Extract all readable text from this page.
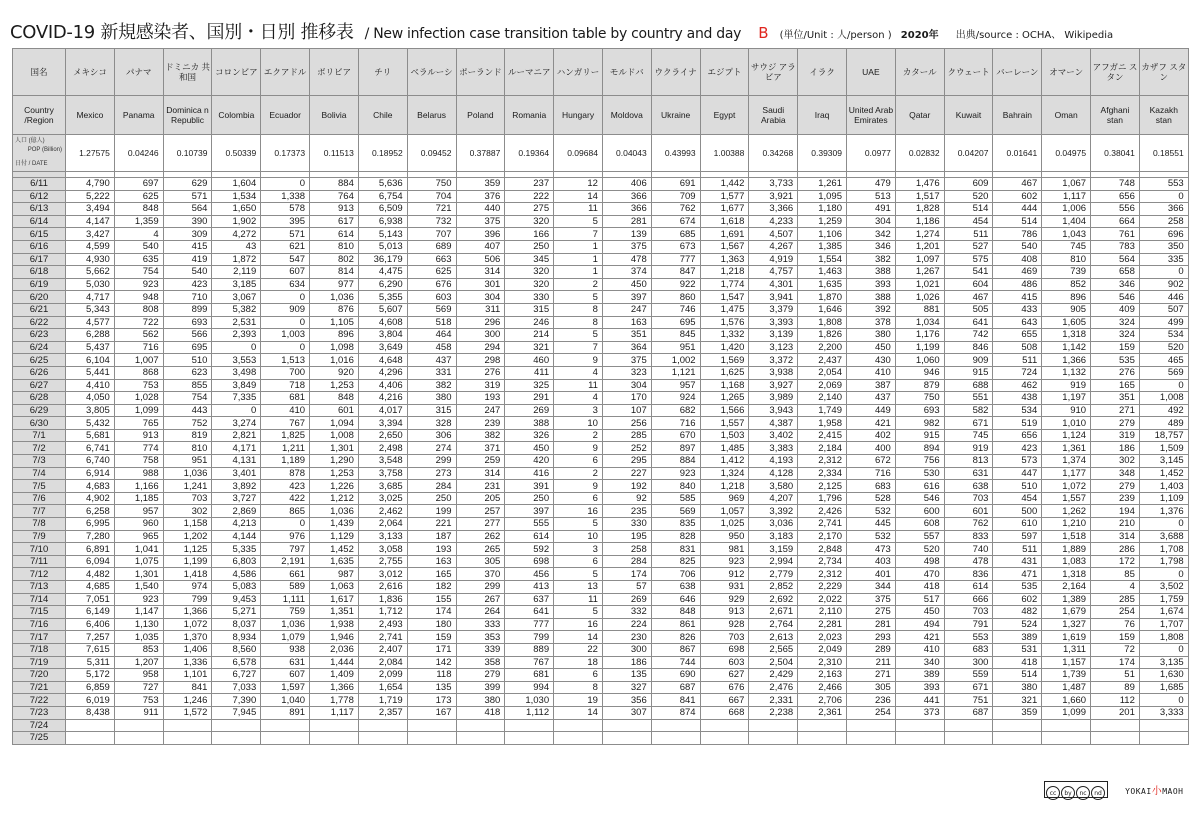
COVID-19 新規感染者、国別・日別 推移表 / New infection case transition table by country and day B (単位/Unit : 人/person ) 2020年 出典/source : OCHA、 Wikipedia
国名	メキシコ	パナマ	ドミニカ 共和国	コロンビア	エクアドル	ボリビア	チリ	ベラルーシ	ポーランド	ルーマニア	ハンガリー	モルドバ	ウクライナ	エジプト	サウジ アラビア	イラク	UAE	カタール	クウェート	バーレーン	オマーン	アフガニ スタン	カザフ スタン
Country /Region	Mexico	Panama	Dominica n Republic	Colombia	Ecuador	Bolivia	Chile	Belarus	Poland	Romania	Hungary	Moldova	Ukraine	Egypt	Saudi Arabia	Iraq	United Arab Emirates	Qatar	Kuwait	Bahrain	Oman	Afghani stan	Kazakh stan

人口 (億人)
POP (Billion)
日付 / DATE	1.27575	0.04246	0.10739	0.50339	0.17373	0.11513	0.18952	0.09452	0.37887	0.19364	0.09684	0.04043	0.43993	1.00388	0.34268	0.39309	0.0977	0.02832	0.04207	0.01641	0.04975	0.38041	0.18551

6/11	4,790	697	629	1,604	0	884	5,636	750	359	237	12	406	691	1,442	3,733	1,261	479	1,476	609	467	1,067	748	553
6/12	5,222	625	571	1,534	1,338	764	6,754	704	376	222	14	366	709	1,577	3,921	1,095	513	1,517	520	602	1,117	656	0
6/13	3,494	848	564	1,650	578	913	6,509	721	440	275	11	366	762	1,677	3,366	1,180	491	1,828	514	444	1,006	556	366
6/14	4,147	1,359	390	1,902	395	617	6,938	732	375	320	5	281	674	1,618	4,233	1,259	304	1,186	454	514	1,404	664	258
6/15	3,427	4	309	4,272	571	614	5,143	707	396	166	7	139	685	1,691	4,507	1,106	342	1,274	511	786	1,043	761	696
6/16	4,599	540	415	43	621	810	5,013	689	407	250	1	375	673	1,567	4,267	1,385	346	1,201	527	540	745	783	350
6/17	4,930	635	419	1,872	547	802	36,179	663	506	345	1	478	777	1,363	4,919	1,554	382	1,097	575	408	810	564	335
6/18	5,662	754	540	2,119	607	814	4,475	625	314	320	1	374	847	1,218	4,757	1,463	388	1,267	541	469	739	658	0
6/19	5,030	923	423	3,185	634	977	6,290	676	301	320	2	450	922	1,774	4,301	1,635	393	1,021	604	486	852	346	902
6/20	4,717	948	710	3,067	0	1,036	5,355	603	304	330	5	397	860	1,547	3,941	1,870	388	1,026	467	415	896	546	446
6/21	5,343	808	899	5,382	909	876	5,607	569	311	315	8	247	746	1,475	3,379	1,646	392	881	505	433	905	409	507
6/22	4,577	722	693	2,531	0	1,105	4,608	518	296	246	8	163	695	1,576	3,393	1,808	378	1,034	641	643	1,605	324	499
6/23	6,288	562	566	2,393	1,003	896	3,804	464	300	214	5	351	845	1,332	3,139	1,826	380	1,176	742	655	1,318	324	534
6/24	5,437	716	695	0	0	1,098	3,649	458	294	321	7	364	951	1,420	3,123	2,200	450	1,199	846	508	1,142	159	520
6/25	6,104	1,007	510	3,553	1,513	1,016	4,648	437	298	460	9	375	1,002	1,569	3,372	2,437	430	1,060	909	511	1,366	535	465
6/26	5,441	868	623	3,498	700	920	4,296	331	276	411	4	323	1,121	1,625	3,938	2,054	410	946	915	724	1,132	276	569
6/27	4,410	753	855	3,849	718	1,253	4,406	382	319	325	11	304	957	1,168	3,927	2,069	387	879	688	462	919	165	0
6/28	4,050	1,028	754	7,335	681	848	4,216	380	193	291	4	170	924	1,265	3,989	2,140	437	750	551	438	1,197	351	1,008
6/29	3,805	1,099	443	0	410	601	4,017	315	247	269	3	107	682	1,566	3,943	1,749	449	693	582	534	910	271	492
6/30	5,432	765	752	3,274	767	1,094	3,394	328	239	388	10	256	716	1,557	4,387	1,958	421	982	671	519	1,010	279	489
7/1	5,681	913	819	2,821	1,825	1,008	2,650	306	382	326	2	285	670	1,503	3,402	2,415	402	915	745	656	1,124	319	18,757
7/2	6,741	774	810	4,171	1,211	1,301	2,498	274	371	450	9	252	897	1,485	3,383	2,184	400	894	919	423	1,361	186	1,509
7/3	6,740	758	951	4,131	1,189	1,290	3,548	299	259	420	6	295	884	1,412	4,193	2,312	672	756	813	573	1,374	302	3,145
7/4	6,914	988	1,036	3,401	878	1,253	3,758	273	314	416	2	227	923	1,324	4,128	2,334	716	530	631	447	1,177	348	1,452
7/5	4,683	1,166	1,241	3,892	423	1,226	3,685	284	231	391	9	192	840	1,218	3,580	2,125	683	616	638	510	1,072	279	1,403
7/6	4,902	1,185	703	3,727	422	1,212	3,025	250	205	250	6	92	585	969	4,207	1,796	528	546	703	454	1,557	239	1,109
7/7	6,258	957	302	2,869	865	1,036	2,462	199	257	397	16	235	569	1,057	3,392	2,426	532	600	601	500	1,262	194	1,376
7/8	6,995	960	1,158	4,213	0	1,439	2,064	221	277	555	5	330	835	1,025	3,036	2,741	445	608	762	610	1,210	210	0
7/9	7,280	965	1,202	4,144	976	1,129	3,133	187	262	614	10	195	828	950	3,183	2,170	532	557	833	597	1,518	314	3,688
7/10	6,891	1,041	1,125	5,335	797	1,452	3,058	193	265	592	3	258	831	981	3,159	2,848	473	520	740	511	1,889	286	1,708
7/11	6,094	1,075	1,199	6,803	2,191	1,635	2,755	163	305	698	6	284	825	923	2,994	2,734	403	498	478	431	1,083	172	1,798
7/12	4,482	1,301	1,418	4,586	661	987	3,012	165	370	456	5	174	706	912	2,779	2,312	401	470	836	471	1,318	85	0
7/13	4,685	1,540	974	5,083	589	1,063	2,616	182	299	413	13	57	638	931	2,852	2,229	344	418	614	535	2,164	4	3,502
7/14	7,051	923	799	9,453	1,111	1,617	1,836	155	267	637	11	269	646	929	2,692	2,022	375	517	666	602	1,389	285	1,759
7/15	6,149	1,147	1,366	5,271	759	1,351	1,712	174	264	641	5	332	848	913	2,671	2,110	275	450	703	482	1,679	254	1,674
7/16	6,406	1,130	1,072	8,037	1,036	1,938	2,493	180	333	777	16	224	861	928	2,764	2,281	281	494	791	524	1,327	76	1,707
7/17	7,257	1,035	1,370	8,934	1,079	1,946	2,741	159	353	799	14	230	826	703	2,613	2,023	293	421	553	389	1,619	159	1,808
7/18	7,615	853	1,406	8,560	938	2,036	2,407	171	339	889	22	300	867	698	2,565	2,049	289	410	683	531	1,311	72	0
7/19	5,311	1,207	1,336	6,578	631	1,444	2,084	142	358	767	18	186	744	603	2,504	2,310	211	340	300	418	1,157	174	3,135
7/20	5,172	958	1,101	6,727	607	1,409	2,099	118	279	681	6	135	690	627	2,429	2,163	271	389	559	514	1,739	51	1,630
7/21	6,859	727	841	7,033	1,597	1,366	1,654	135	399	994	8	327	687	676	2,476	2,466	305	393	671	380	1,487	89	1,685
7/22	6,019	753	1,246	7,390	1,040	1,778	1,719	173	380	1,030	19	356	841	667	2,331	2,706	236	441	751	321	1,660	112	0
7/23	8,438	911	1,572	7,945	891	1,117	2,357	167	418	1,112	14	307	874	668	2,238	2,361	254	373	687	359	1,099	201	3,333
7/24																							
7/25																							
cc by nc nd	YOKAI小MAOH
